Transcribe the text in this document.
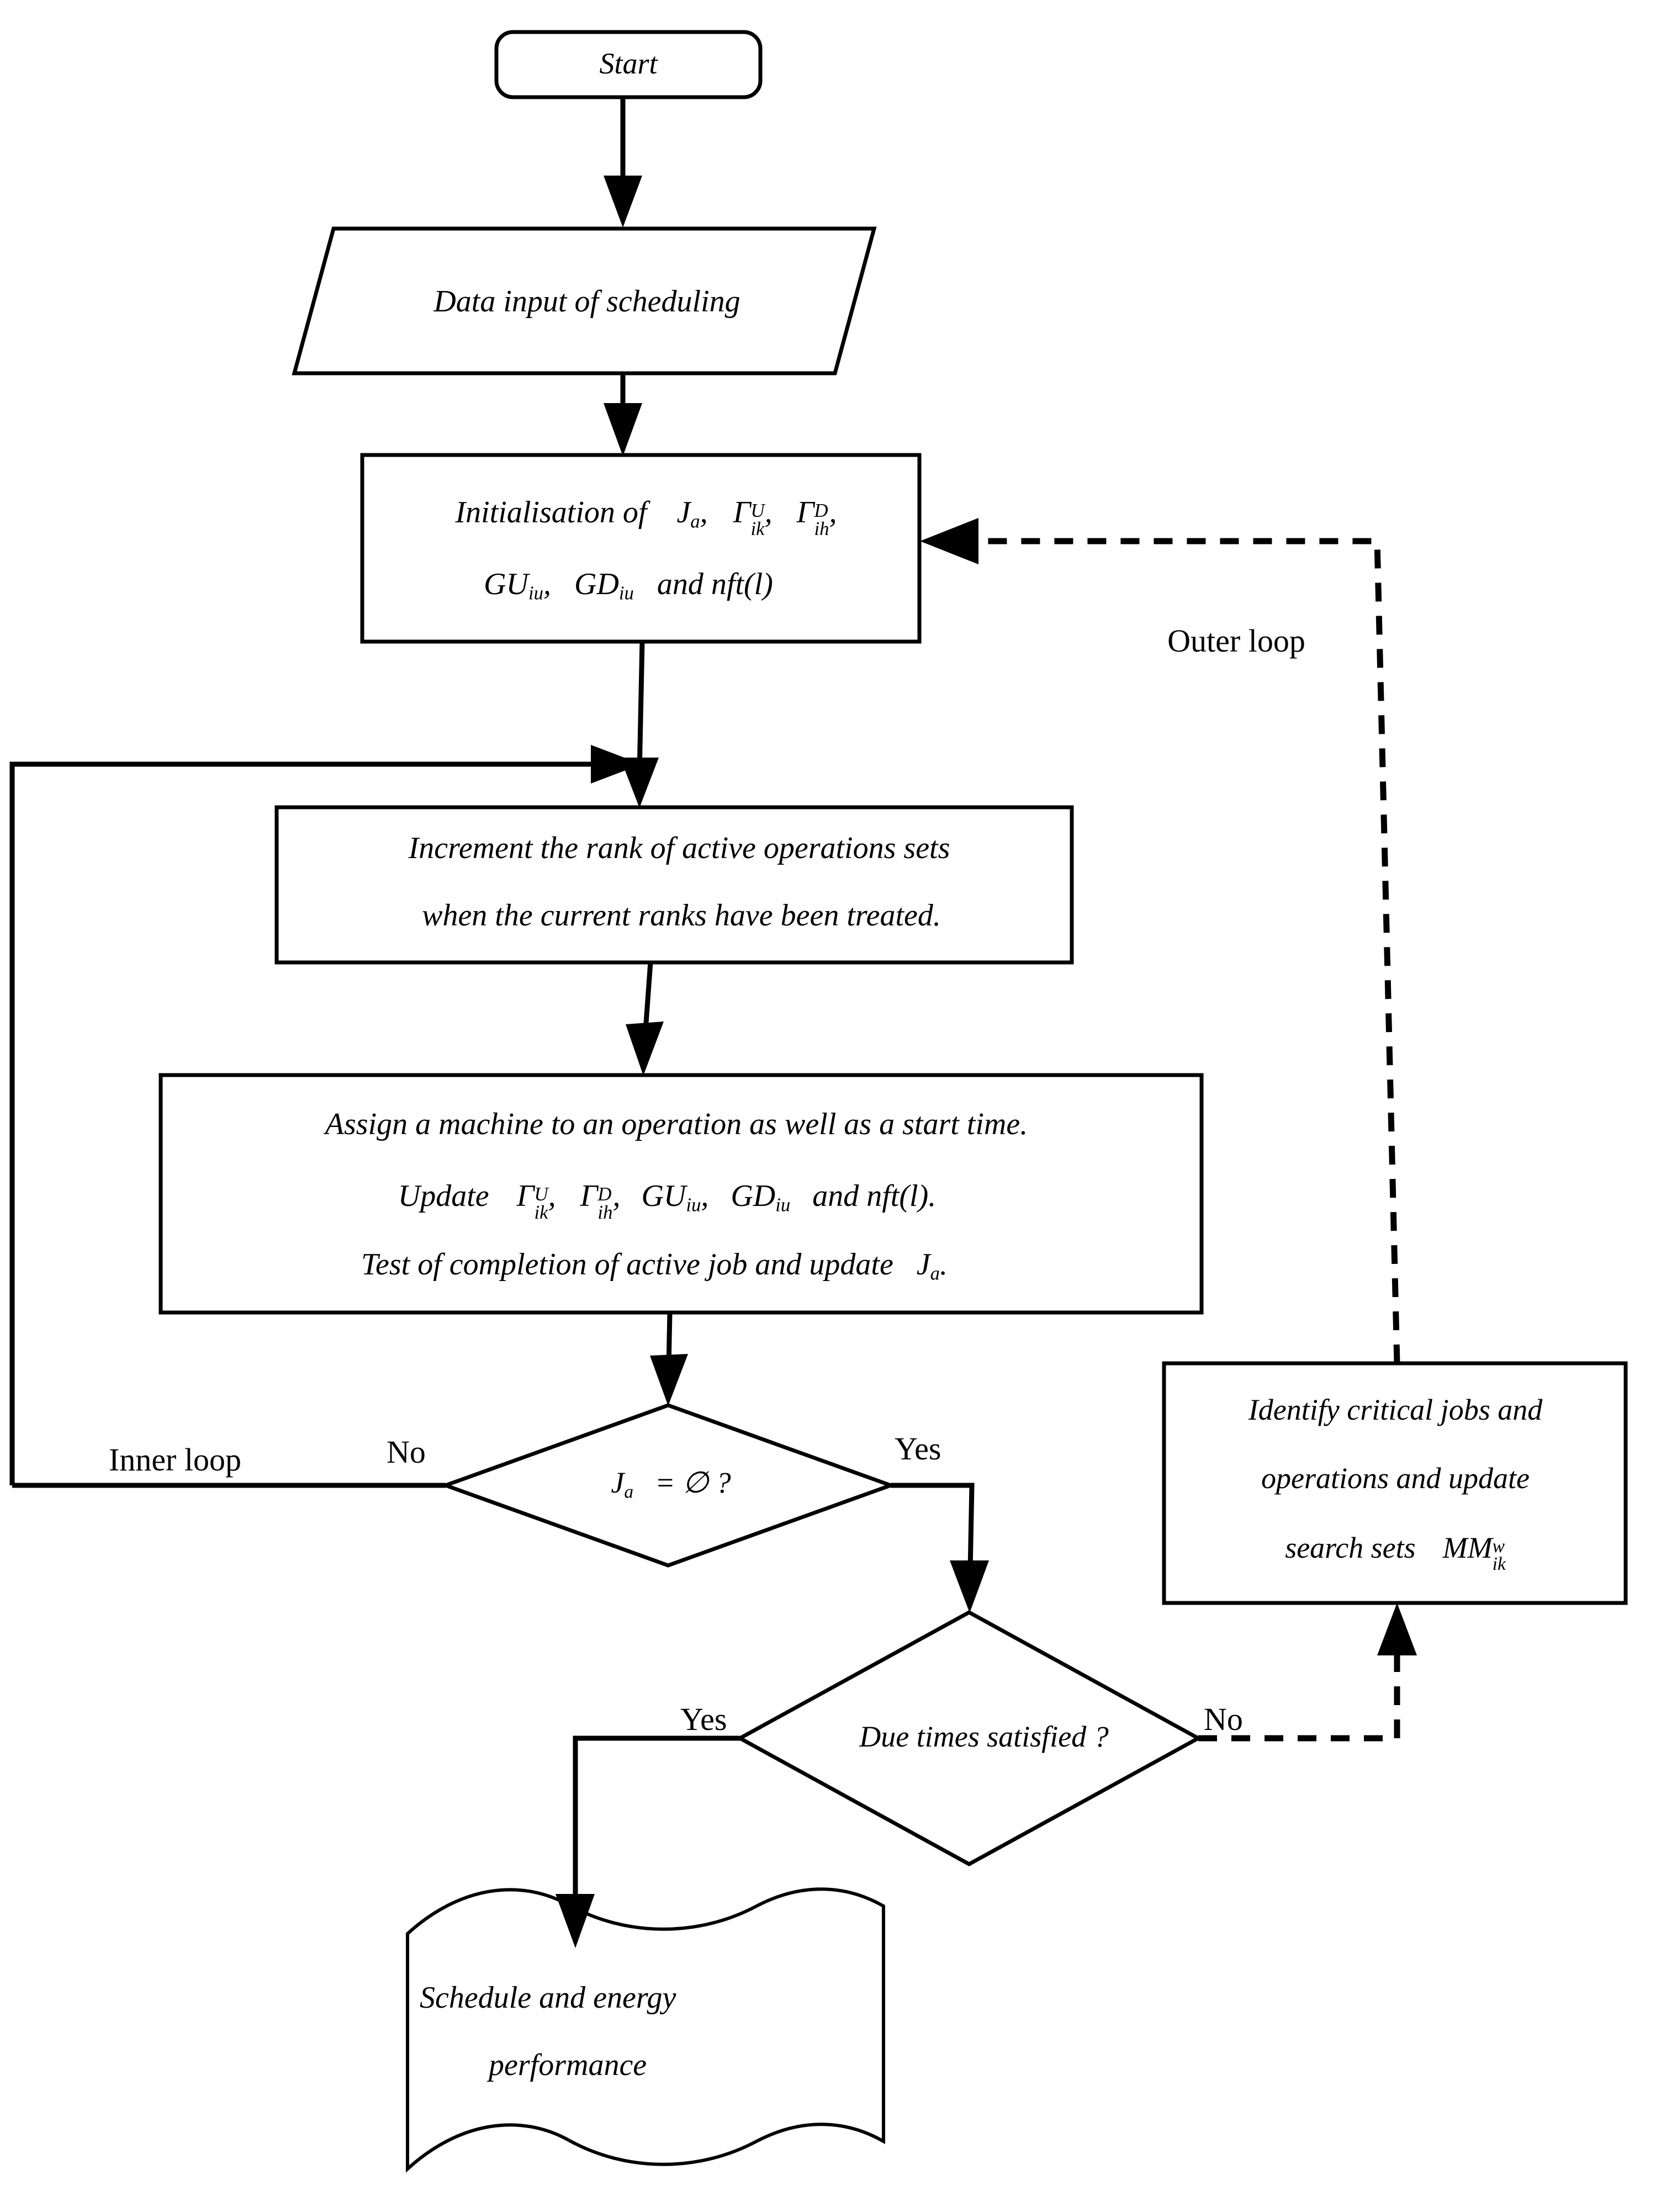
Start
Data input of scheduling
Initialisation of $J_a$, Γ U
ik , Γ D
ih ,
$GU_{iu}$, $GD_{iu}$ and nft(l)
Outer loop
Increment the rank of active operations sets
when the current ranks have been treated.
Assign a machine to an operation as well as a start time.
Update Γ U
ik , Γ D
ih , $GU_{iu}$, $GD_{iu}$ and nft(l).
Test of completion of active job and update $J_a$.
$J_a$ = ∅ ?
Inner loop	No	Yes
Due times satisfied ?
Yes	No
Identify critical jobs and
operations and update
search sets MM w
ik
Schedule and energy
performance
